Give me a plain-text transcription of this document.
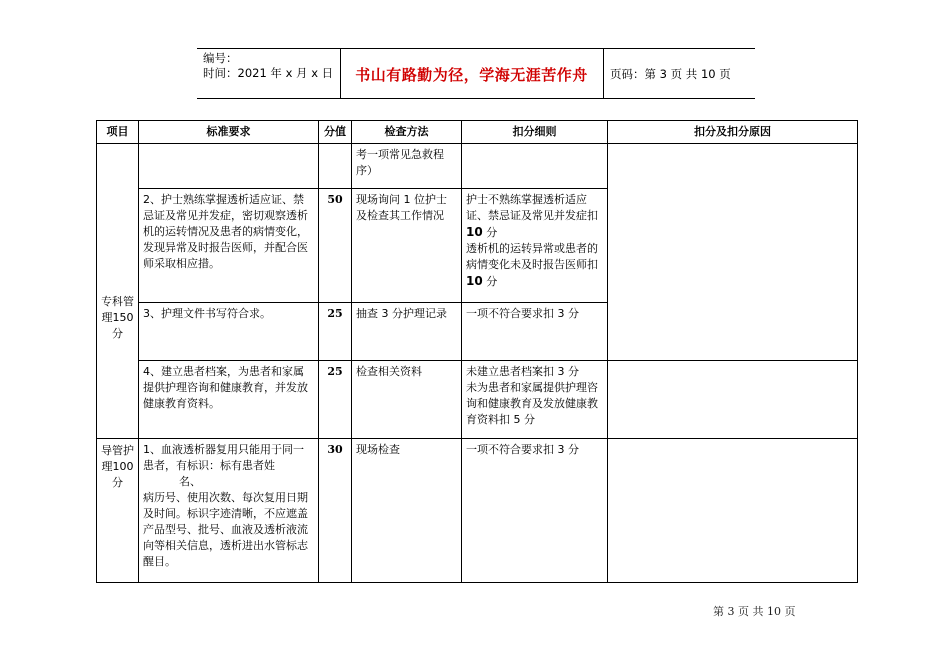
编号：
时间：2021 年 x 月 x 日	书山有路勤为径，学海无涯苦作舟	页码：第 3 页 共 10 页
项目	标准要求	分值	检查方法	扣分细则	扣分及扣分原因
专科管理150分			考一项常见急救程序）		
	2、护士熟练掌握透析适应证、禁忌证及常见并发症，密切观察透析机的运转情况及患者的病情变化，发现异常及时报告医师，并配合医师采取相应措。	50	现场询问 1 位护士及检查其工作情况	护士不熟练掌握透析适应证、禁忌证及常见并发症扣10 分
透析机的运转异常或患者的病情变化未及时报告医师扣10 分	
	3、护理文件书写符合求。	25	抽查 3 分护理记录	一项不符合要求扣 3 分	
	4、建立患者档案，为患者和家属提供护理咨询和健康教育，并发放健康教育资料。	25	检查相关资料	未建立患者档案扣 3 分
未为患者和家属提供护理咨询和健康教育及发放健康教育资料扣 5 分	
导管护理100分	1、血液透析器复用只能用于同一患者，有标识：标有患者姓
名、
病历号、使用次数、每次复用日期及时间。标识字迹清晰，不应遮盖产品型号、批号、血液及透析液流向等相关信息，透析进出水管标志醒目。	30	现场检查	一项不符合要求扣 3 分	
第 3 页 共 10 页
